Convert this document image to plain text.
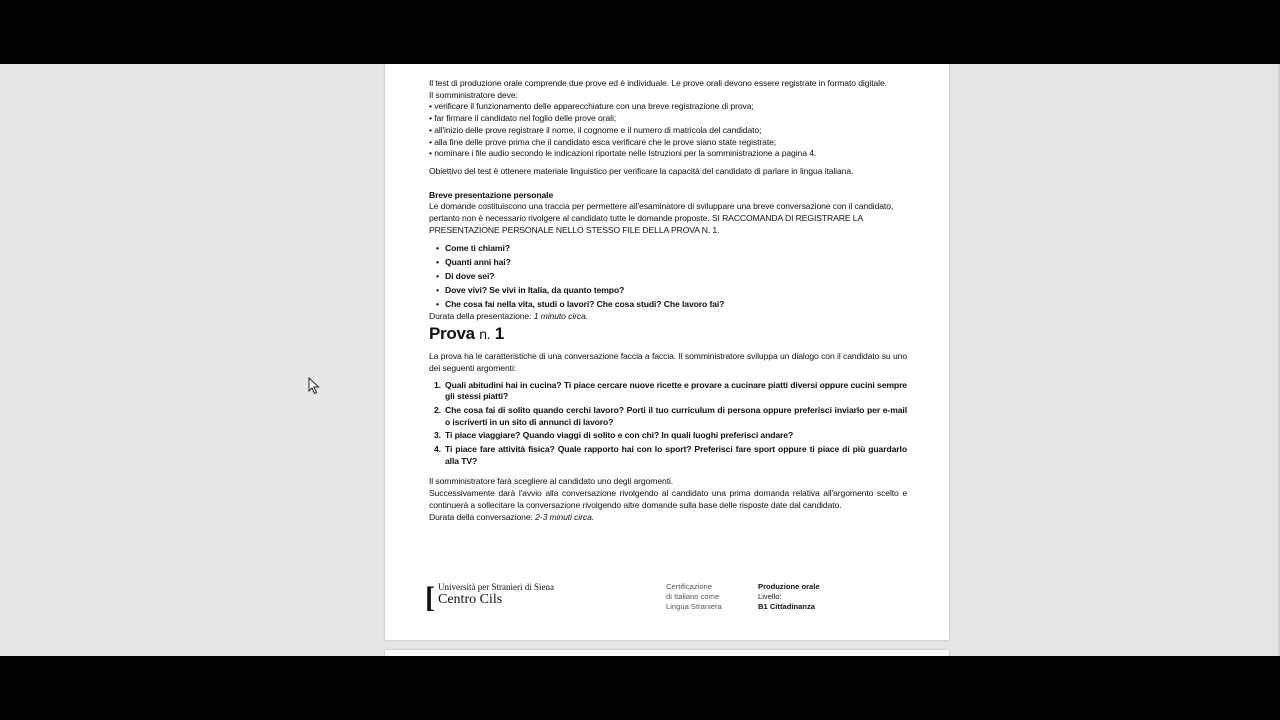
Il test di produzione orale comprende due prove ed è individuale. Le prove orali devono essere registrate in formato digitale.

Il somministratore deve:

• verificare il funzionamento delle apparecchiature con una breve registrazione di prova;

• far firmare il candidato nel foglio delle prove orali;

• all'inizio delle prove registrare il nome, il cognome e il numero di matricola del candidato;

• alla fine delle prove prima che il candidato esca verificare che le prove siano state registrate;

• nominare i file audio secondo le indicazioni riportate nelle Istruzioni per la somministrazione a pagina 4.

Obiettivo del test è ottenere materiale linguistico per verificare la capacità del candidato di parlare in lingua italiana.

Breve presentazione personale

Le domande costituiscono una traccia per permettere all'esaminatore di sviluppare una breve conversazione con il candidato, pertanto non è necessario rivolgere al candidato tutte le domande proposte. SI RACCOMANDA DI REGISTRARE LA PRESENTAZIONE PERSONALE NELLO STESSO FILE DELLA PROVA N. 1.

• Come ti chiami?
• Quanti anni hai?
• Di dove sei?
• Dove vivi? Se vivi in Italia, da quanto tempo?
• Che cosa fai nella vita, studi o lavori? Che cosa studi? Che lavoro fai?

Durata della presentazione: 1 minuto circa.

Prova n. 1

La prova ha le caratteristiche di una conversazione faccia a faccia. Il somministratore sviluppa un dialogo con il candidato su uno dei seguenti argomenti:

1. Quali abitudini hai in cucina? Ti piace cercare nuove ricette e provare a cucinare piatti diversi oppure cucini sempre gli stessi piatti?
2. Che cosa fai di solito quando cerchi lavoro? Porti il tuo curriculum di persona oppure preferisci inviarlo per e-mail o iscriverti in un sito di annunci di lavoro?
3. Ti piace viaggiare? Quando viaggi di solito e con chi? In quali luoghi preferisci andare?
4. Ti piace fare attività fisica? Quale rapporto hai con lo sport? Preferisci fare sport oppure ti piace di più guardarlo alla TV?

Il somministratore farà scegliere al candidato uno degli argomenti.

Successivamente darà l'avvio alla conversazione rivolgendo al candidato una prima domanda relativa all'argomento scelto e continuerà a sollecitare la conversazione rivolgendo altre domande sulla base delle risposte date dal candidato.

Durata della conversazione: 2-3 minuti circa.

[ Università per Stranieri di Siena
Centro Cils
Certificazione
di Italiano come
Lingua Straniera
Produzione orale
Livello:
B1 Cittadinanza
